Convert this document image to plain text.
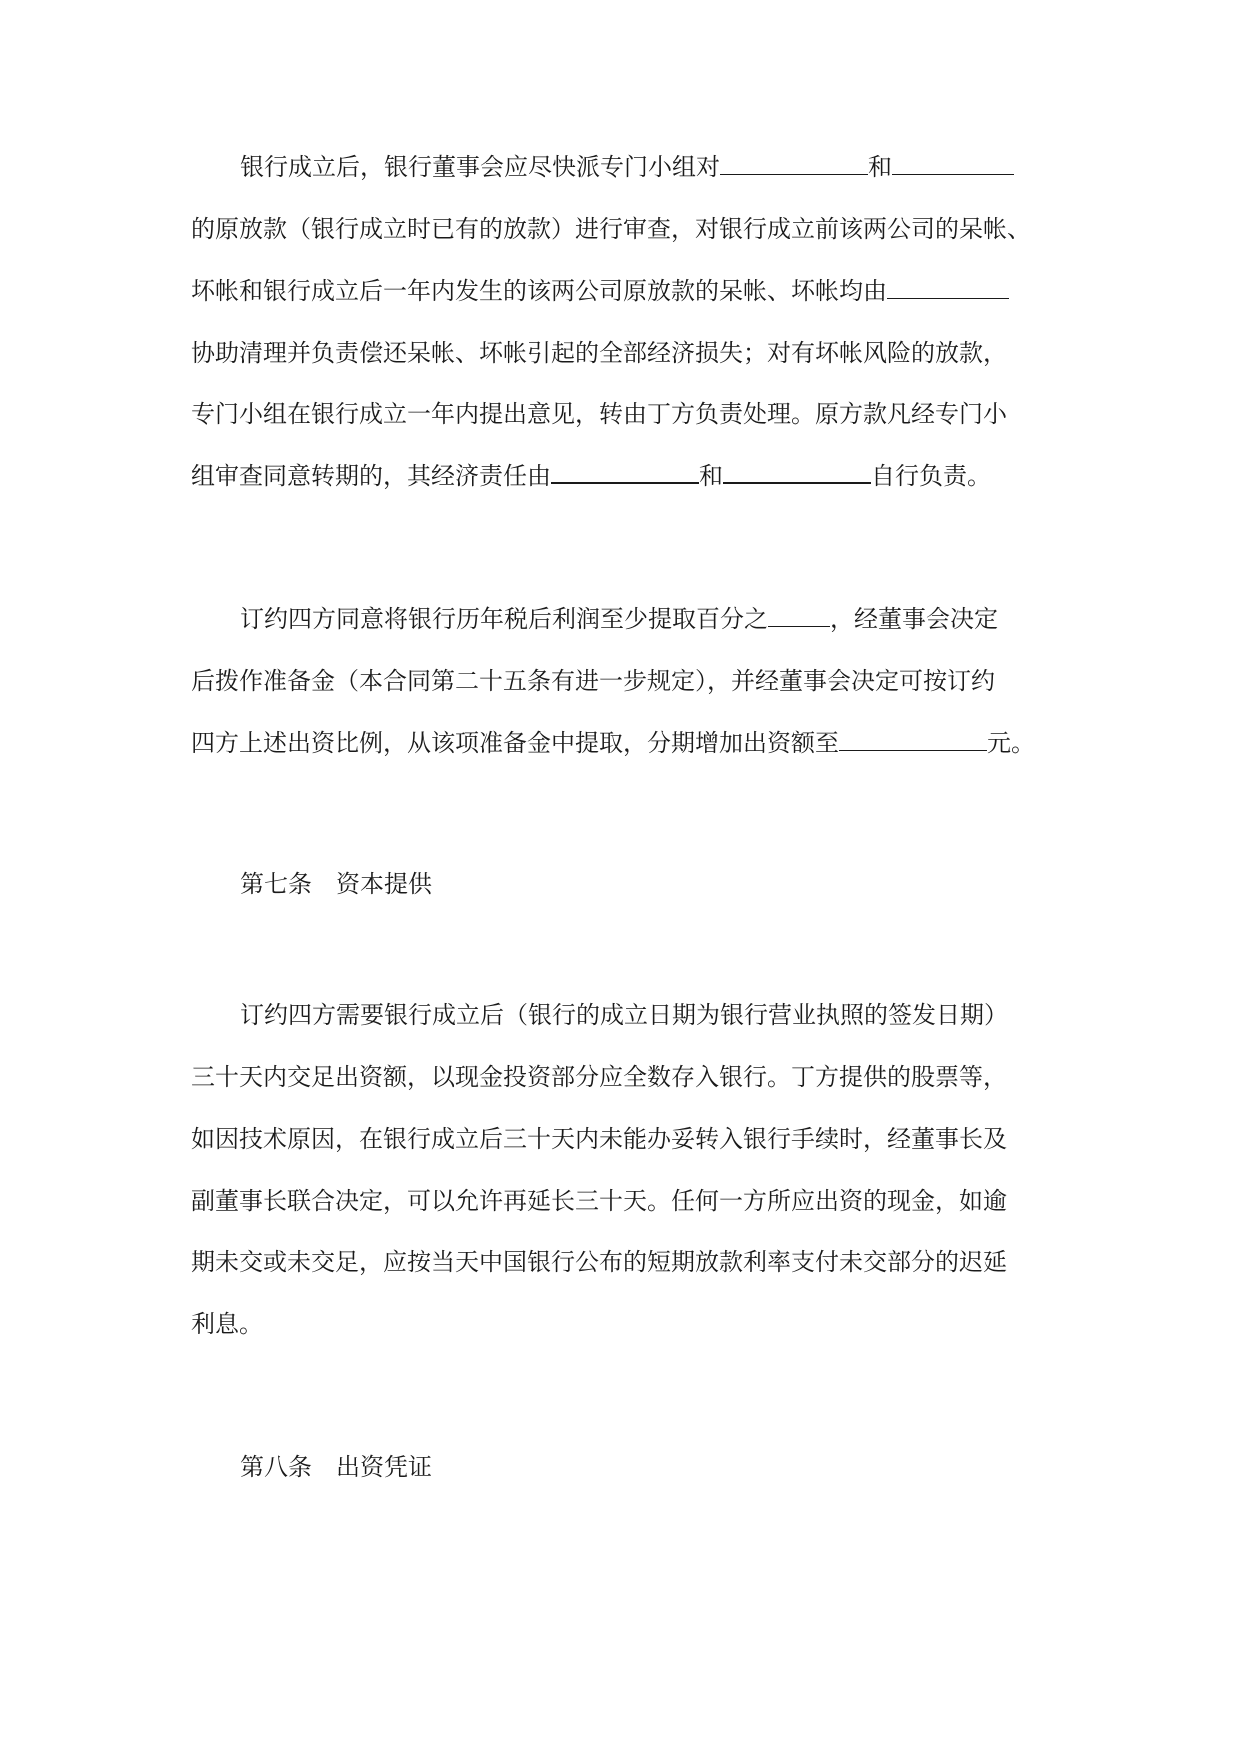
银行成立后，银行董事会应尽快派专门小组对	和
的原放款（银行成立时已有的放款）进行审查，对银行成立前该两公司的呆帐、
坏帐和银行成立后一年内发生的该两公司原放款的呆帐、坏帐均由
协助清理并负责偿还呆帐、坏帐引起的全部经济损失；对有坏帐风险的放款，
专门小组在银行成立一年内提出意见，转由丁方负责处理。原方款凡经专门小
组审查同意转期的，其经济责任由	和	自行负责。
订约四方同意将银行历年税后利润至少提取百分之	，经董事会决定
后拨作准备金（本合同第二十五条有进一步规定），并经董事会决定可按订约
四方上述出资比例，从该项准备金中提取，分期增加出资额至	元。
第七条 资本提供
订约四方需要银行成立后（银行的成立日期为银行营业执照的签发日期）
三十天内交足出资额，以现金投资部分应全数存入银行。丁方提供的股票等，
如因技术原因，在银行成立后三十天内未能办妥转入银行手续时，经董事长及
副董事长联合决定，可以允许再延长三十天。任何一方所应出资的现金，如逾
期未交或未交足，应按当天中国银行公布的短期放款利率支付未交部分的迟延
利息。
第八条 出资凭证
